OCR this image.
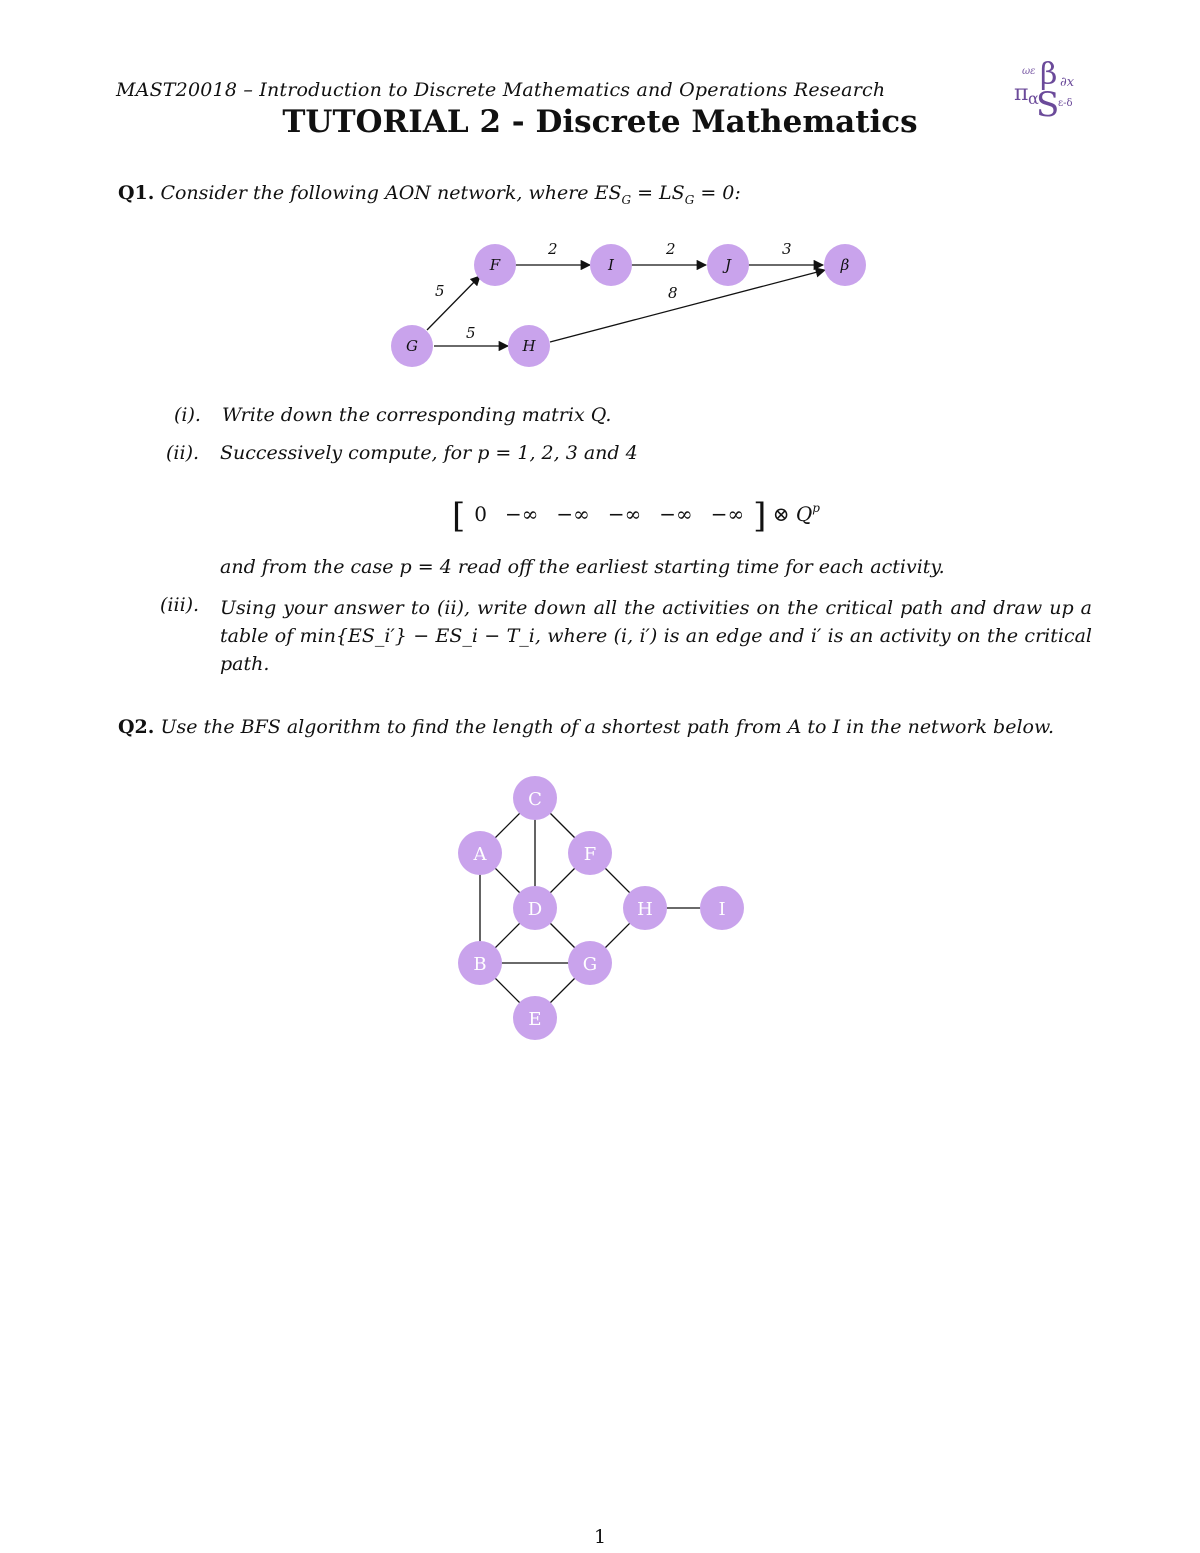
MAST20018 – Introduction to Discrete Mathematics and Operations Research
ωε β ∂x
π α
S
ε-δ
TUTORIAL 2 - Discrete Mathematics
Q1. Consider the following AON network, where $ES_G = LS_G = 0$:
2	2	3
5
5
8
F	I	J	β
G	H
C
A	F
D	H	I
B	G
E
(i). Write down the corresponding matrix Q.
(ii). Successively compute, for p = 1, 2, 3 and 4
[ 0 −∞ −∞ −∞ −∞ −∞ ] ⊗ $Q^p$
and from the case p = 4 read off the earliest starting time for each activity.
(iii). Using your answer to (ii), write down all the activities on the critical path and draw up a table of min{ES_i′} − ES_i − T_i, where (i, i′) is an edge and i′ is an activity on the critical path.
Q2. Use the BFS algorithm to find the length of a shortest path from A to I in the network below.
1
